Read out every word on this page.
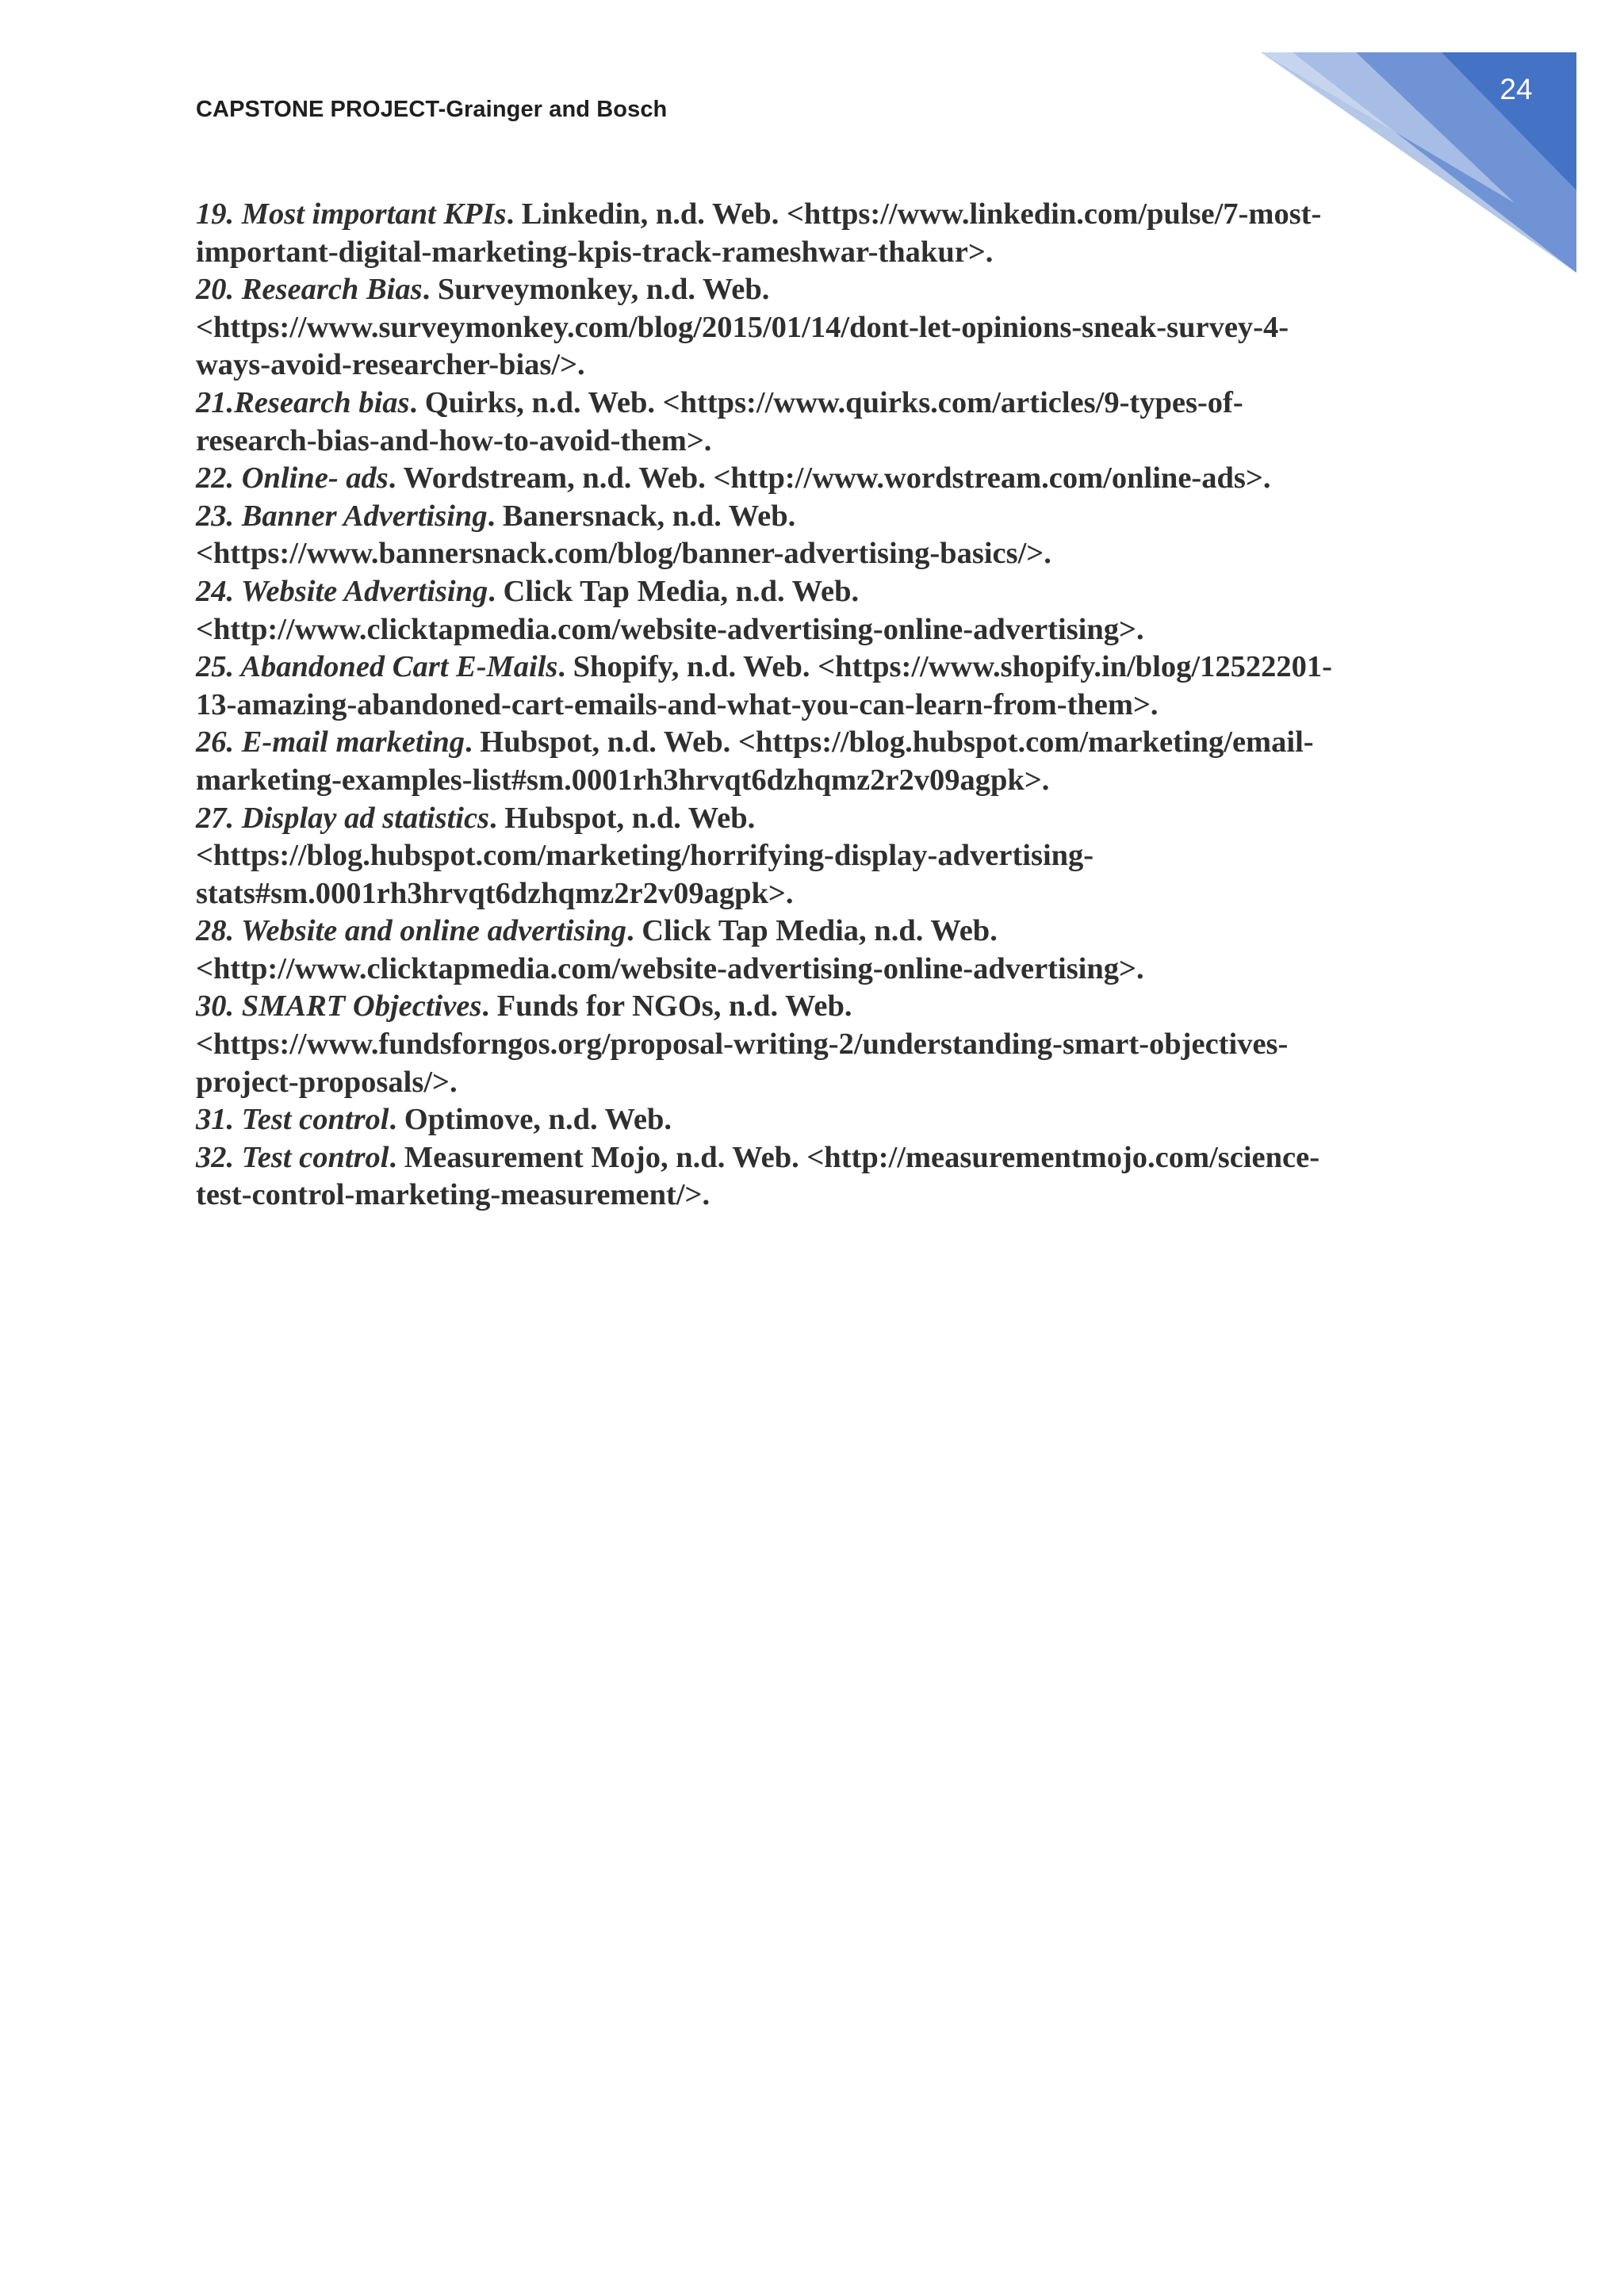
24
CAPSTONE PROJECT-Grainger and Bosch
19. Most important KPIs. Linkedin, n.d. Web. <https://www.linkedin.com/pulse/7-most-
important-digital-marketing-kpis-track-rameshwar-thakur>.
20. Research Bias. Surveymonkey, n.d. Web.
<https://www.surveymonkey.com/blog/2015/01/14/dont-let-opinions-sneak-survey-4-
ways-avoid-researcher-bias/>.
21.Research bias. Quirks, n.d. Web. <https://www.quirks.com/articles/9-types-of-
research-bias-and-how-to-avoid-them>.
22. Online- ads. Wordstream, n.d. Web. <http://www.wordstream.com/online-ads>.
23. Banner Advertising. Banersnack, n.d. Web.
<https://www.bannersnack.com/blog/banner-advertising-basics/>.
24. Website Advertising. Click Tap Media, n.d. Web.
<http://www.clicktapmedia.com/website-advertising-online-advertising>.
25. Abandoned Cart E-Mails. Shopify, n.d. Web. <https://www.shopify.in/blog/12522201-
13-amazing-abandoned-cart-emails-and-what-you-can-learn-from-them>.
26. E-mail marketing. Hubspot, n.d. Web. <https://blog.hubspot.com/marketing/email-
marketing-examples-list#sm.0001rh3hrvqt6dzhqmz2r2v09agpk>.
27. Display ad statistics. Hubspot, n.d. Web.
<https://blog.hubspot.com/marketing/horrifying-display-advertising-
stats#sm.0001rh3hrvqt6dzhqmz2r2v09agpk>.
28. Website and online advertising. Click Tap Media, n.d. Web.
<http://www.clicktapmedia.com/website-advertising-online-advertising>.
30. SMART Objectives. Funds for NGOs, n.d. Web.
<https://www.fundsforngos.org/proposal-writing-2/understanding-smart-objectives-
project-proposals/>.
31. Test control. Optimove, n.d. Web.
32. Test control. Measurement Mojo, n.d. Web. <http://measurementmojo.com/science-
test-control-marketing-measurement/>.
